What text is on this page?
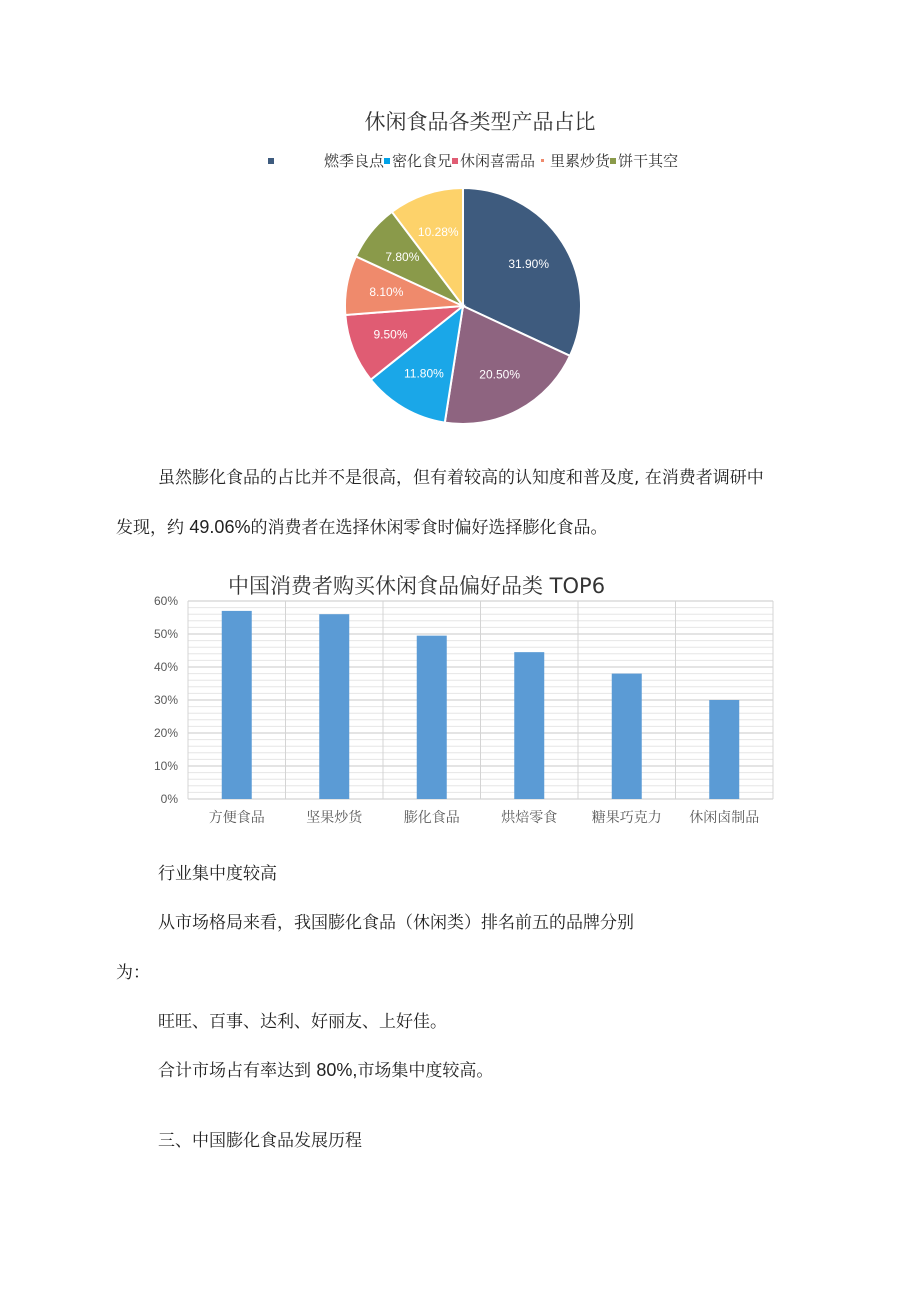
休闲食品各类型产品占比
燃季良点 密化食兄 休闲喜需品 里累炒货 饼干其空
31.90%
20.50%
11.80%
9.50%
8.10%
7.80%
10.28%
虽然膨化食品的占比并不是很高，但有着较高的认知度和普及度, 在消费者调研中
发现，约 49.06%的消费者在选择休闲零食时偏好选择膨化食品。
中国消费者购买休闲食品偏好品类 TOP6
0%
10%
20%
30%
40%
50%
60%
方便食品	坚果炒货	膨化食品	烘焙零食 糖果巧克力 休闲卤制品
行业集中度较高
从市场格局来看，我国膨化食品（休闲类）排名前五的品牌分别
为：
旺旺、百事、达利、好丽友、上好佳。
合计市场占有率达到 80%,市场集中度较高。
三、中国膨化食品发展历程
